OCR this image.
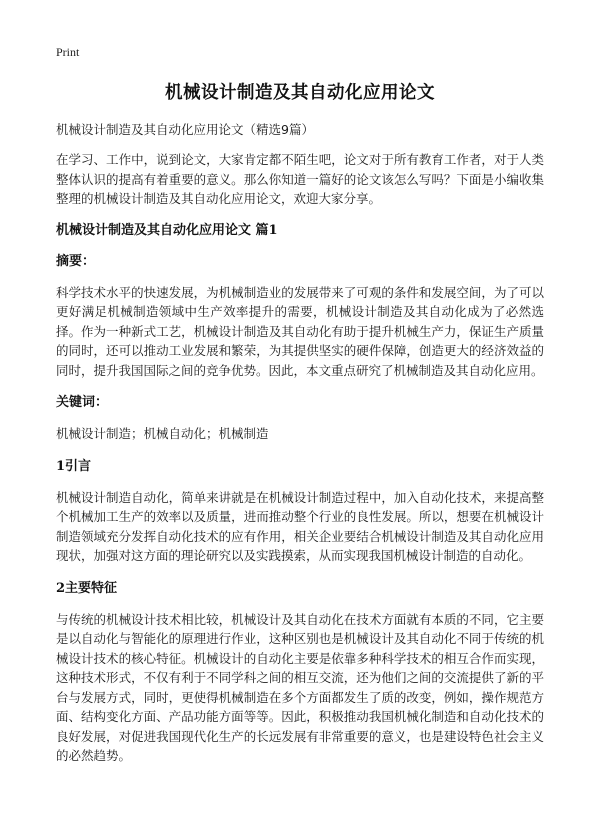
Print
机械设计制造及其自动化应用论文
机械设计制造及其自动化应用论文（精选9篇）

在学习、工作中，说到论文，大家肯定都不陌生吧，论文对于所有教育工作者，对于人类整体认识的提高有着重要的意义。那么你知道一篇好的论文该怎么写吗？下面是小编收集整理的机械设计制造及其自动化应用论文，欢迎大家分享。

机械设计制造及其自动化应用论文 篇1
摘要：

科学技术水平的快速发展，为机械制造业的发展带来了可观的条件和发展空间，为了可以更好满足机械制造领域中生产效率提升的需要，机械设计制造及其自动化成为了必然选择。作为一种新式工艺，机械设计制造及其自动化有助于提升机械生产力，保证生产质量的同时，还可以推动工业发展和繁荣，为其提供坚实的硬件保障，创造更大的经济效益的同时，提升我国国际之间的竞争优势。因此，本文重点研究了机械制造及其自动化应用。

关键词：

机械设计制造；机械自动化；机械制造

1引言

机械设计制造自动化，简单来讲就是在机械设计制造过程中，加入自动化技术，来提高整个机械加工生产的效率以及质量，进而推动整个行业的良性发展。所以，想要在机械设计制造领域充分发挥自动化技术的应有作用，相关企业要结合机械设计制造及其自动化应用现状，加强对这方面的理论研究以及实践摸索，从而实现我国机械设计制造的自动化。

2主要特征

与传统的机械设计技术相比较，机械设计及其自动化在技术方面就有本质的不同，它主要是以自动化与智能化的原理进行作业，这种区别也是机械设计及其自动化不同于传统的机械设计技术的核心特征。机械设计的自动化主要是依靠多种科学技术的相互合作而实现，这种技术形式，不仅有利于不同学科之间的相互交流，还为他们之间的交流提供了新的平台与发展方式，同时，更使得机械制造在多个方面都发生了质的改变，例如，操作规范方面、结构变化方面、产品功能方面等等。因此，积极推动我国机械化制造和自动化技术的良好发展，对促进我国现代化生产的长远发展有非常重要的意义，也是建设特色社会主义的必然趋势。
